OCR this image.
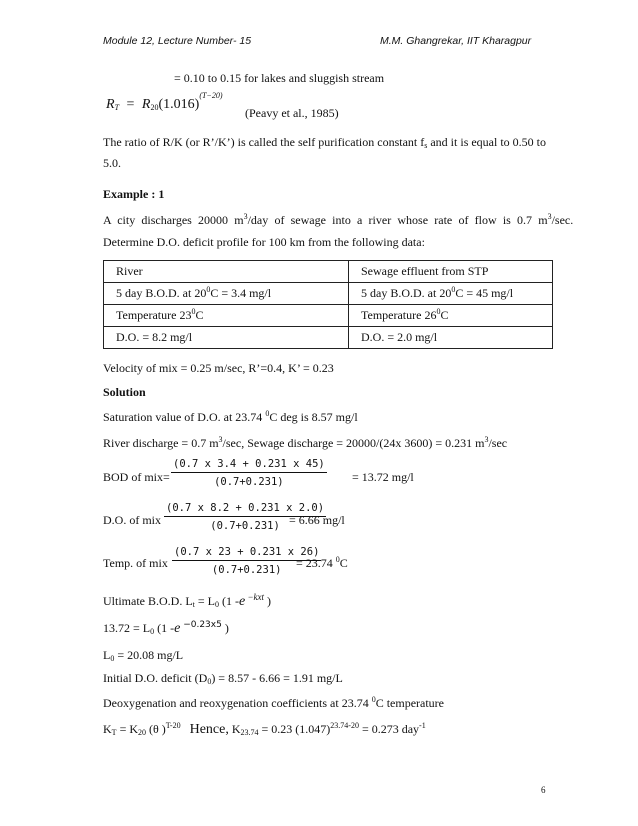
Module 12, Lecture Number- 15	M.M. Ghangrekar, IIT Kharagpur
= 0.10 to 0.15 for lakes and sluggish stream
$R_T = R_{20}(1.016)^{(T-20)}$
(Peavy et al., 1985)
The ratio of R/K (or R’/K’) is called the self purification constant $f_s$ and it is equal to 0.50 to
5.0.
Example : 1
A city discharges 20000 $m^3$/day of sewage into a river whose rate of flow is 0.7 $m^3/\sec$.
Determine D.O. deficit profile for 100 km from the following data:
River	Sewage effluent from STP
5 day B.O.D. at $20^0C = 3.4$ mg/l	5 day B.O.D. at $20^0C = 45$ mg/l
Temperature $23^0C$	Temperature $26^0C$
D.O. = 8.2 mg/l	D.O. = 2.0 mg/l
Velocity of mix = 0.25 m/sec, R’=0.4, K’ = 0.23
Solution
Saturation value of D.O. at 23.74 $^0$C deg is 8.57 mg/l
River discharge = 0.7 $m^3/\sec$, Sewage discharge = 20000/(24x 3600) = 0.231 $m^3/\sec$
BOD of $mix= \frac{(0.7 x 3.4 + 0.231 x 45)}{(0.7+0.231)} = 13.72$ mg/l
D.O. of mix $\frac{(0.7 x 8.2 + 0.231 x 2.0)}{(0.7+0.231)}$
= 6.66 mg/l
Temp. of mix $\frac{(0.7 x 23 + 0.231 x 26)}{(0.7+0.231)}$
= 23.74 $^0$C
Ultimate B.O.D. $L_t = L_0$ (1 -e $^{-kxt}$ )
$13.72 = L_0$ (1 -e $^{-0.23x5}$ )
$L_0 = 20.08$ mg/L
Initial D.O. deficit $(D_0) = 8.57 - 6.66 = 1.91$ mg/L
Deoxygenation and reoxygenation coefficients at 23.74 $^0$C temperature
$K_T = K_{20}$ (θ )$^{T-20}$ Hence, $K_{23.74} = 0.23$ $(1.047)^{23.74-20} = 0.273$ day$^{-1}$
6
